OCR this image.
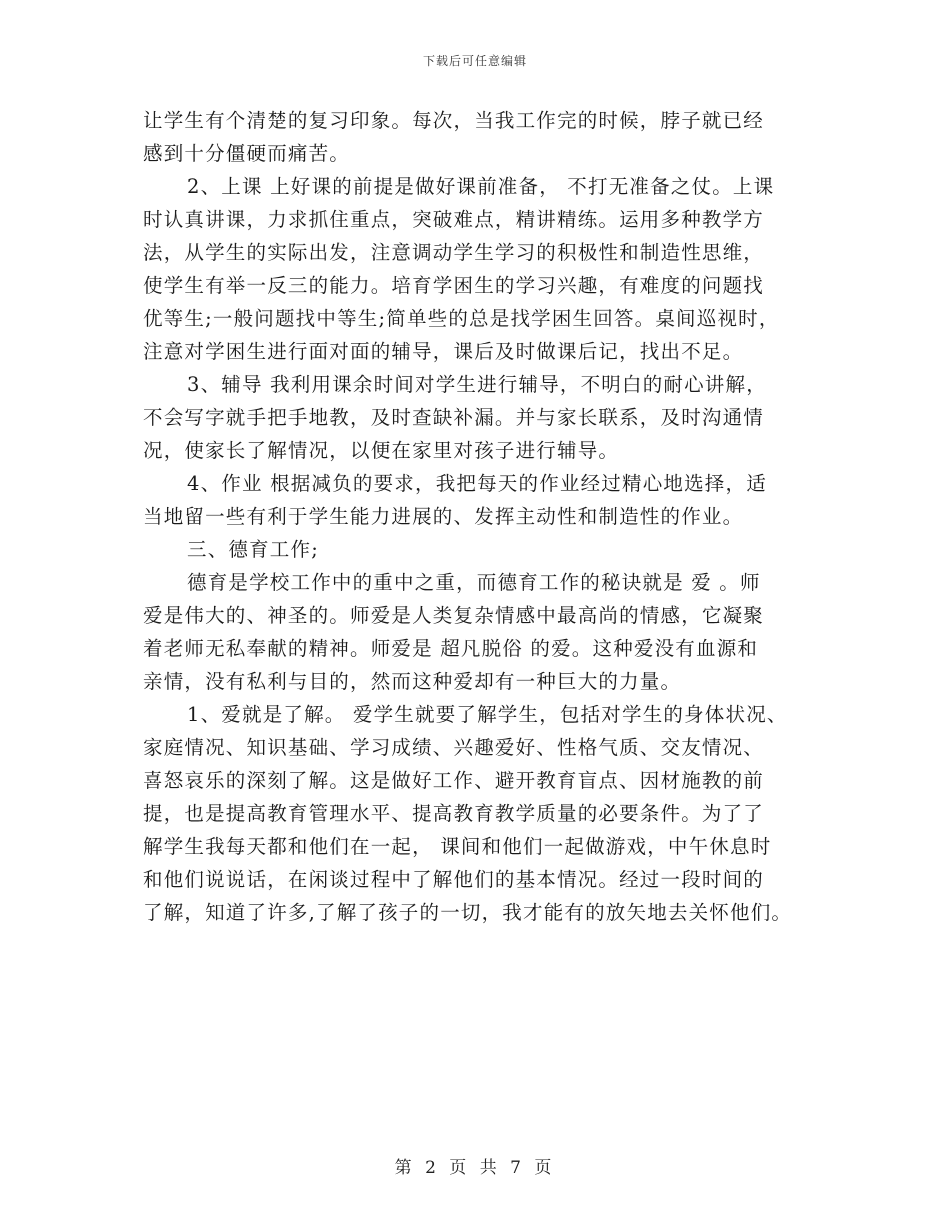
下载后可任意编辑

让学生有个清楚的复习印象。每次，当我工作完的时候，脖子就已经

感到十分僵硬而痛苦。

2、上课 上好课的前提是做好课前准备， 不打无准备之仗。上课

时认真讲课，力求抓住重点，突破难点，精讲精练。运用多种教学方

法，从学生的实际出发，注意调动学生学习的积极性和制造性思维，

使学生有举一反三的能力。培育学困生的学习兴趣，有难度的问题找

优等生;一般问题找中等生;简单些的总是找学困生回答。桌间巡视时，

注意对学困生进行面对面的辅导，课后及时做课后记，找出不足。

3、辅导 我利用课余时间对学生进行辅导，不明白的耐心讲解，

不会写字就手把手地教，及时查缺补漏。并与家长联系，及时沟通情

况，使家长了解情况，以便在家里对孩子进行辅导。

4、作业 根据减负的要求，我把每天的作业经过精心地选择，适

当地留一些有利于学生能力进展的、发挥主动性和制造性的作业。

三、德育工作;

德育是学校工作中的重中之重，而德育工作的秘诀就是 爱 。师

爱是伟大的、神圣的。师爱是人类复杂情感中最高尚的情感，它凝聚

着老师无私奉献的精神。师爱是 超凡脱俗 的爱。这种爱没有血源和

亲情，没有私利与目的，然而这种爱却有一种巨大的力量。

1、爱就是了解。 爱学生就要了解学生，包括对学生的身体状况、

家庭情况、知识基础、学习成绩、兴趣爱好、性格气质、交友情况、

喜怒哀乐的深刻了解。这是做好工作、避开教育盲点、因材施教的前

提，也是提高教育管理水平、提高教育教学质量的必要条件。为了了

解学生我每天都和他们在一起， 课间和他们一起做游戏，中午休息时

和他们说说话，在闲谈过程中了解他们的基本情况。经过一段时间的

了解，知道了许多,了解了孩子的一切，我才能有的放矢地去关怀他们。

第 2 页 共 7 页
